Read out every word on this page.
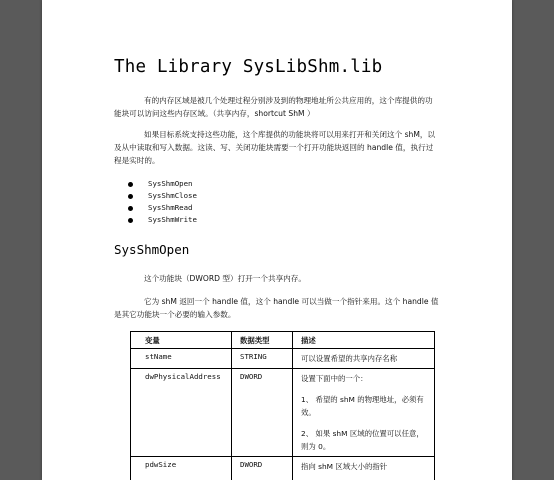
The Library SysLibShm.lib
有的内存区域是被几个处理过程分别涉及到的物理地址所公共应用的，这个库提供的功能块可以访问这些内存区域。（共享内存，shortcut ShM ）
如果目标系统支持这些功能，这个库提供的功能块将可以用来打开和关闭这个 shM，以及从中读取和写入数据。这读、写、关闭功能块需要一个打开功能块返回的 handle 值，执行过程是实时的。
SysShmOpen
SysShmClose
SysShmRead
SysShmWrite
SysShmOpen
这个功能块（DWORD 型）打开一个共享内存。
它为 shM 返回一个 handle 值，这个 handle 可以当做一个指针来用。这个 handle 值是其它功能块一个必要的输入参数。
变量	数据类型	描述
stName	STRING	可以设置希望的共享内存名称

dwPhysicalAddress	DWORD	设置下面中的一个：
1、 希望的 shM 的物理地址，必须有效。
2、 如果 shM 区域的位置可以任意，则为 0。

pdwSize	DWORD	指向 shM 区域大小的指针
